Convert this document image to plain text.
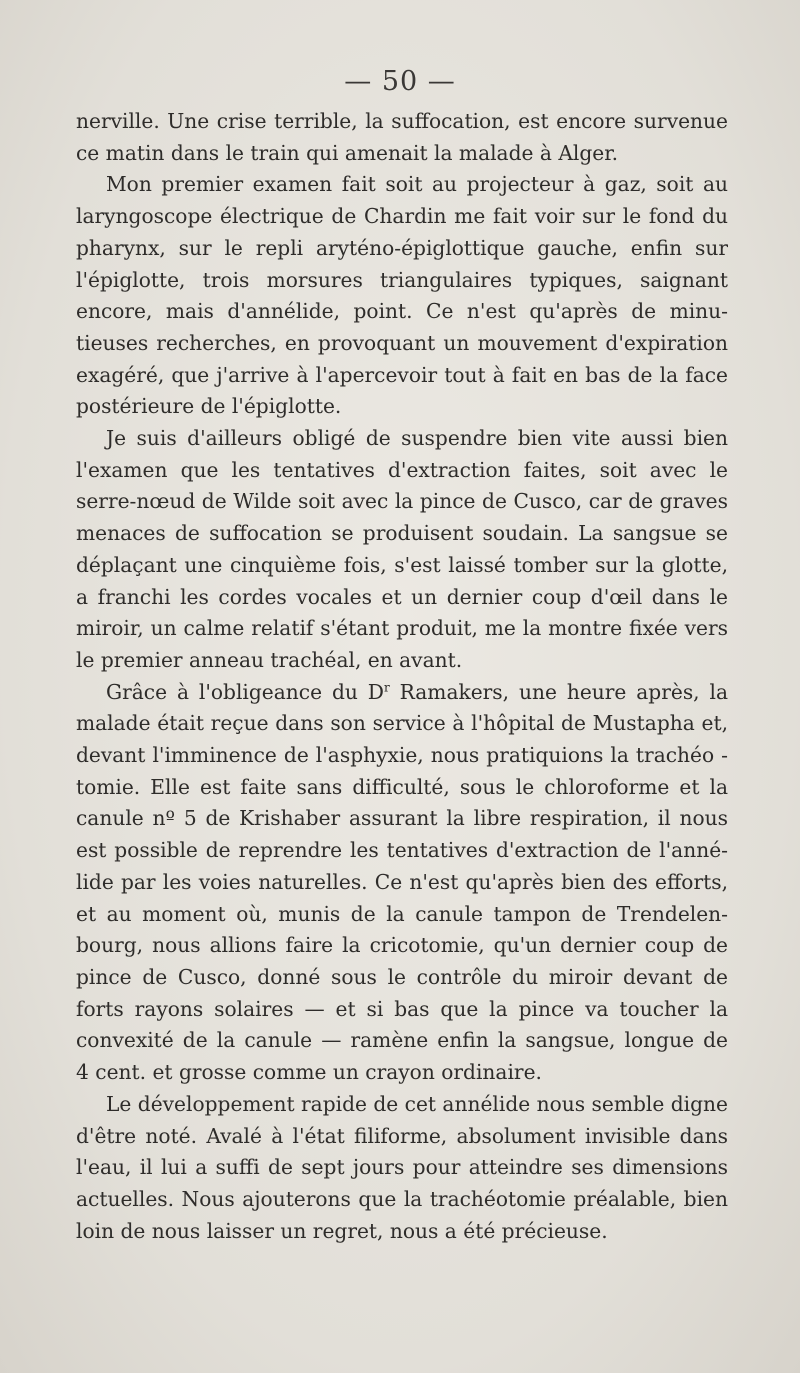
— 50 —

nerville. Une crise terrible, la suffocation, est encore survenue

ce matin dans le train qui amenait la malade à Alger.

Mon premier examen fait soit au projecteur à gaz, soit au

laryngoscope électrique de Chardin me fait voir sur le fond du

pharynx, sur le repli aryténo-épiglottique gauche, enfin sur

l'épiglotte, trois morsures triangulaires typiques, saignant

encore, mais d'annélide, point. Ce n'est qu'après de minu-

tieuses recherches, en provoquant un mouvement d'expiration

exagéré, que j'arrive à l'apercevoir tout à fait en bas de la face

postérieure de l'épiglotte.

Je suis d'ailleurs obligé de suspendre bien vite aussi bien

l'examen que les tentatives d'extraction faites, soit avec le

serre-nœud de Wilde soit avec la pince de Cusco, car de graves

menaces de suffocation se produisent soudain. La sangsue se

déplaçant une cinquième fois, s'est laissé tomber sur la glotte,

a franchi les cordes vocales et un dernier coup d'œil dans le

miroir, un calme relatif s'étant produit, me la montre fixée vers

le premier anneau trachéal, en avant.

Grâce à l'obligeance du $D^r$ Ramakers, une heure après, la

malade était reçue dans son service à l'hôpital de Mustapha et,

devant l'imminence de l'asphyxie, nous pratiquions la trachéo -

tomie. Elle est faite sans difficulté, sous le chloroforme et la

canule nº 5 de Krishaber assurant la libre respiration, il nous

est possible de reprendre les tentatives d'extraction de l'anné-

lide par les voies naturelles. Ce n'est qu'après bien des efforts,

et au moment où, munis de la canule tampon de Trendelen-

bourg, nous allions faire la cricotomie, qu'un dernier coup de

pince de Cusco, donné sous le contrôle du miroir devant de

forts rayons solaires — et si bas que la pince va toucher la

convexité de la canule — ramène enfin la sangsue, longue de

4 cent. et grosse comme un crayon ordinaire.

Le développement rapide de cet annélide nous semble digne

d'être noté. Avalé à l'état filiforme, absolument invisible dans

l'eau, il lui a suffi de sept jours pour atteindre ses dimensions

actuelles. Nous ajouterons que la trachéotomie préalable, bien

loin de nous laisser un regret, nous a été précieuse.
